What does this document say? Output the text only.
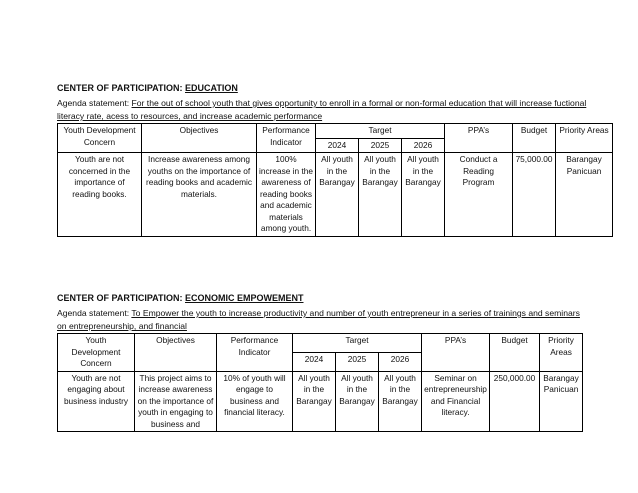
CENTER OF PARTICIPATION: EDUCATION

Agenda statement: For the out of school youth that gives opportunity to enroll in a formal or non-formal education that will increase fuctional literacy rate, acess to resources, and increase academic performance

Youth Development Concern	Objectives	Performance Indicator	Target			PPA’s	Budget	Priority Areas
			2024	2025	2026			
Youth are not concerned in the importance of reading books.	Increase awareness among youths on the importance of reading books and academic materials.	100% increase in the awareness of reading books and academic materials among youth.	All youth in the Barangay	All youth in the Barangay	All youth in the Barangay	Conduct a Reading Program	75,000.00	Barangay Panicuan

CENTER OF PARTICIPATION: ECONOMIC EMPOWEMENT

Agenda statement: To Empower the youth to increase productivity and number of youth entrepreneur in a series of trainings and seminars on entrepreneurship, and financial

Youth Development Concern	Objectives	Performance Indicator	Target			PPA’s	Budget	Priority Areas
			2024	2025	2026			
Youth are not engaging about business industry	This project aims to increase awareness on the importance of youth in engaging to business and	10% of youth will engage to business and financial literacy.	All youth in the Barangay	All youth in the Barangay	All youth in the Barangay	Seminar on entrepreneurship and Financial literacy.	250,000.00	Barangay Panicuan
